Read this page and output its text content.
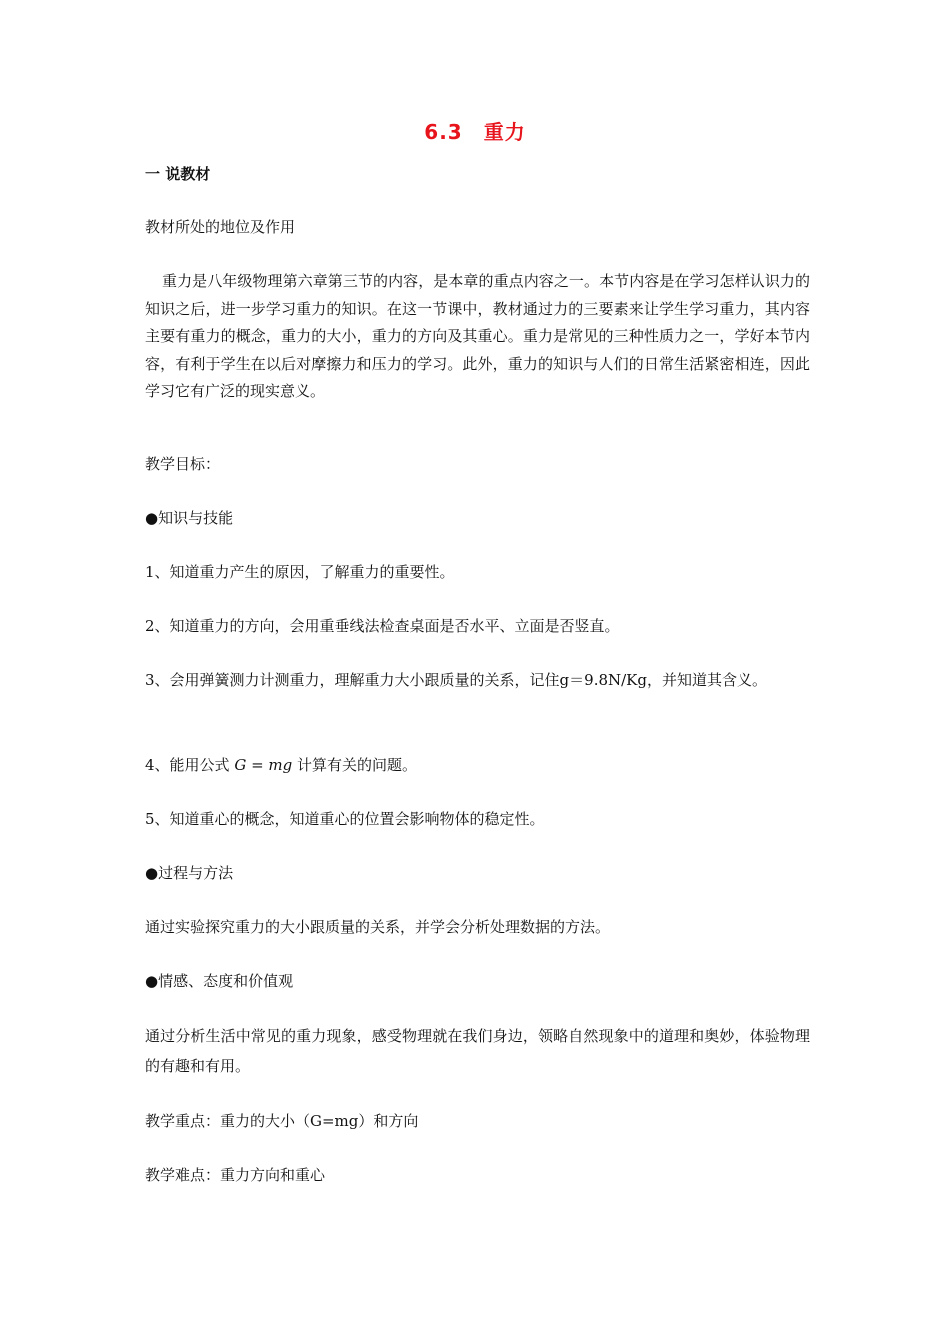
6.3　重力
一 说教材
教材所处的地位及作用
重力是八年级物理第六章第三节的内容，是本章的重点内容之一。本节内容是在学习怎样认识力的知识之后，进一步学习重力的知识。在这一节课中，教材通过力的三要素来让学生学习重力，其内容主要有重力的概念，重力的大小，重力的方向及其重心。重力是常见的三种性质力之一，学好本节内容，有利于学生在以后对摩擦力和压力的学习。此外，重力的知识与人们的日常生活紧密相连，因此学习它有广泛的现实意义。
教学目标：
●知识与技能
1、知道重力产生的原因，了解重力的重要性。
2、知道重力的方向，会用重垂线法检查桌面是否水平、立面是否竖直。
3、会用弹簧测力计测重力，理解重力大小跟质量的关系，记住g＝9.8N/Kg，并知道其含义。
4、能用公式 G = mg 计算有关的问题。
5、知道重心的概念，知道重心的位置会影响物体的稳定性。
●过程与方法
通过实验探究重力的大小跟质量的关系，并学会分析处理数据的方法。
●情感、态度和价值观
通过分析生活中常见的重力现象，感受物理就在我们身边，领略自然现象中的道理和奥妙，体验物理的有趣和有用。
教学重点：重力的大小（G=mg）和方向
教学难点：重力方向和重心
